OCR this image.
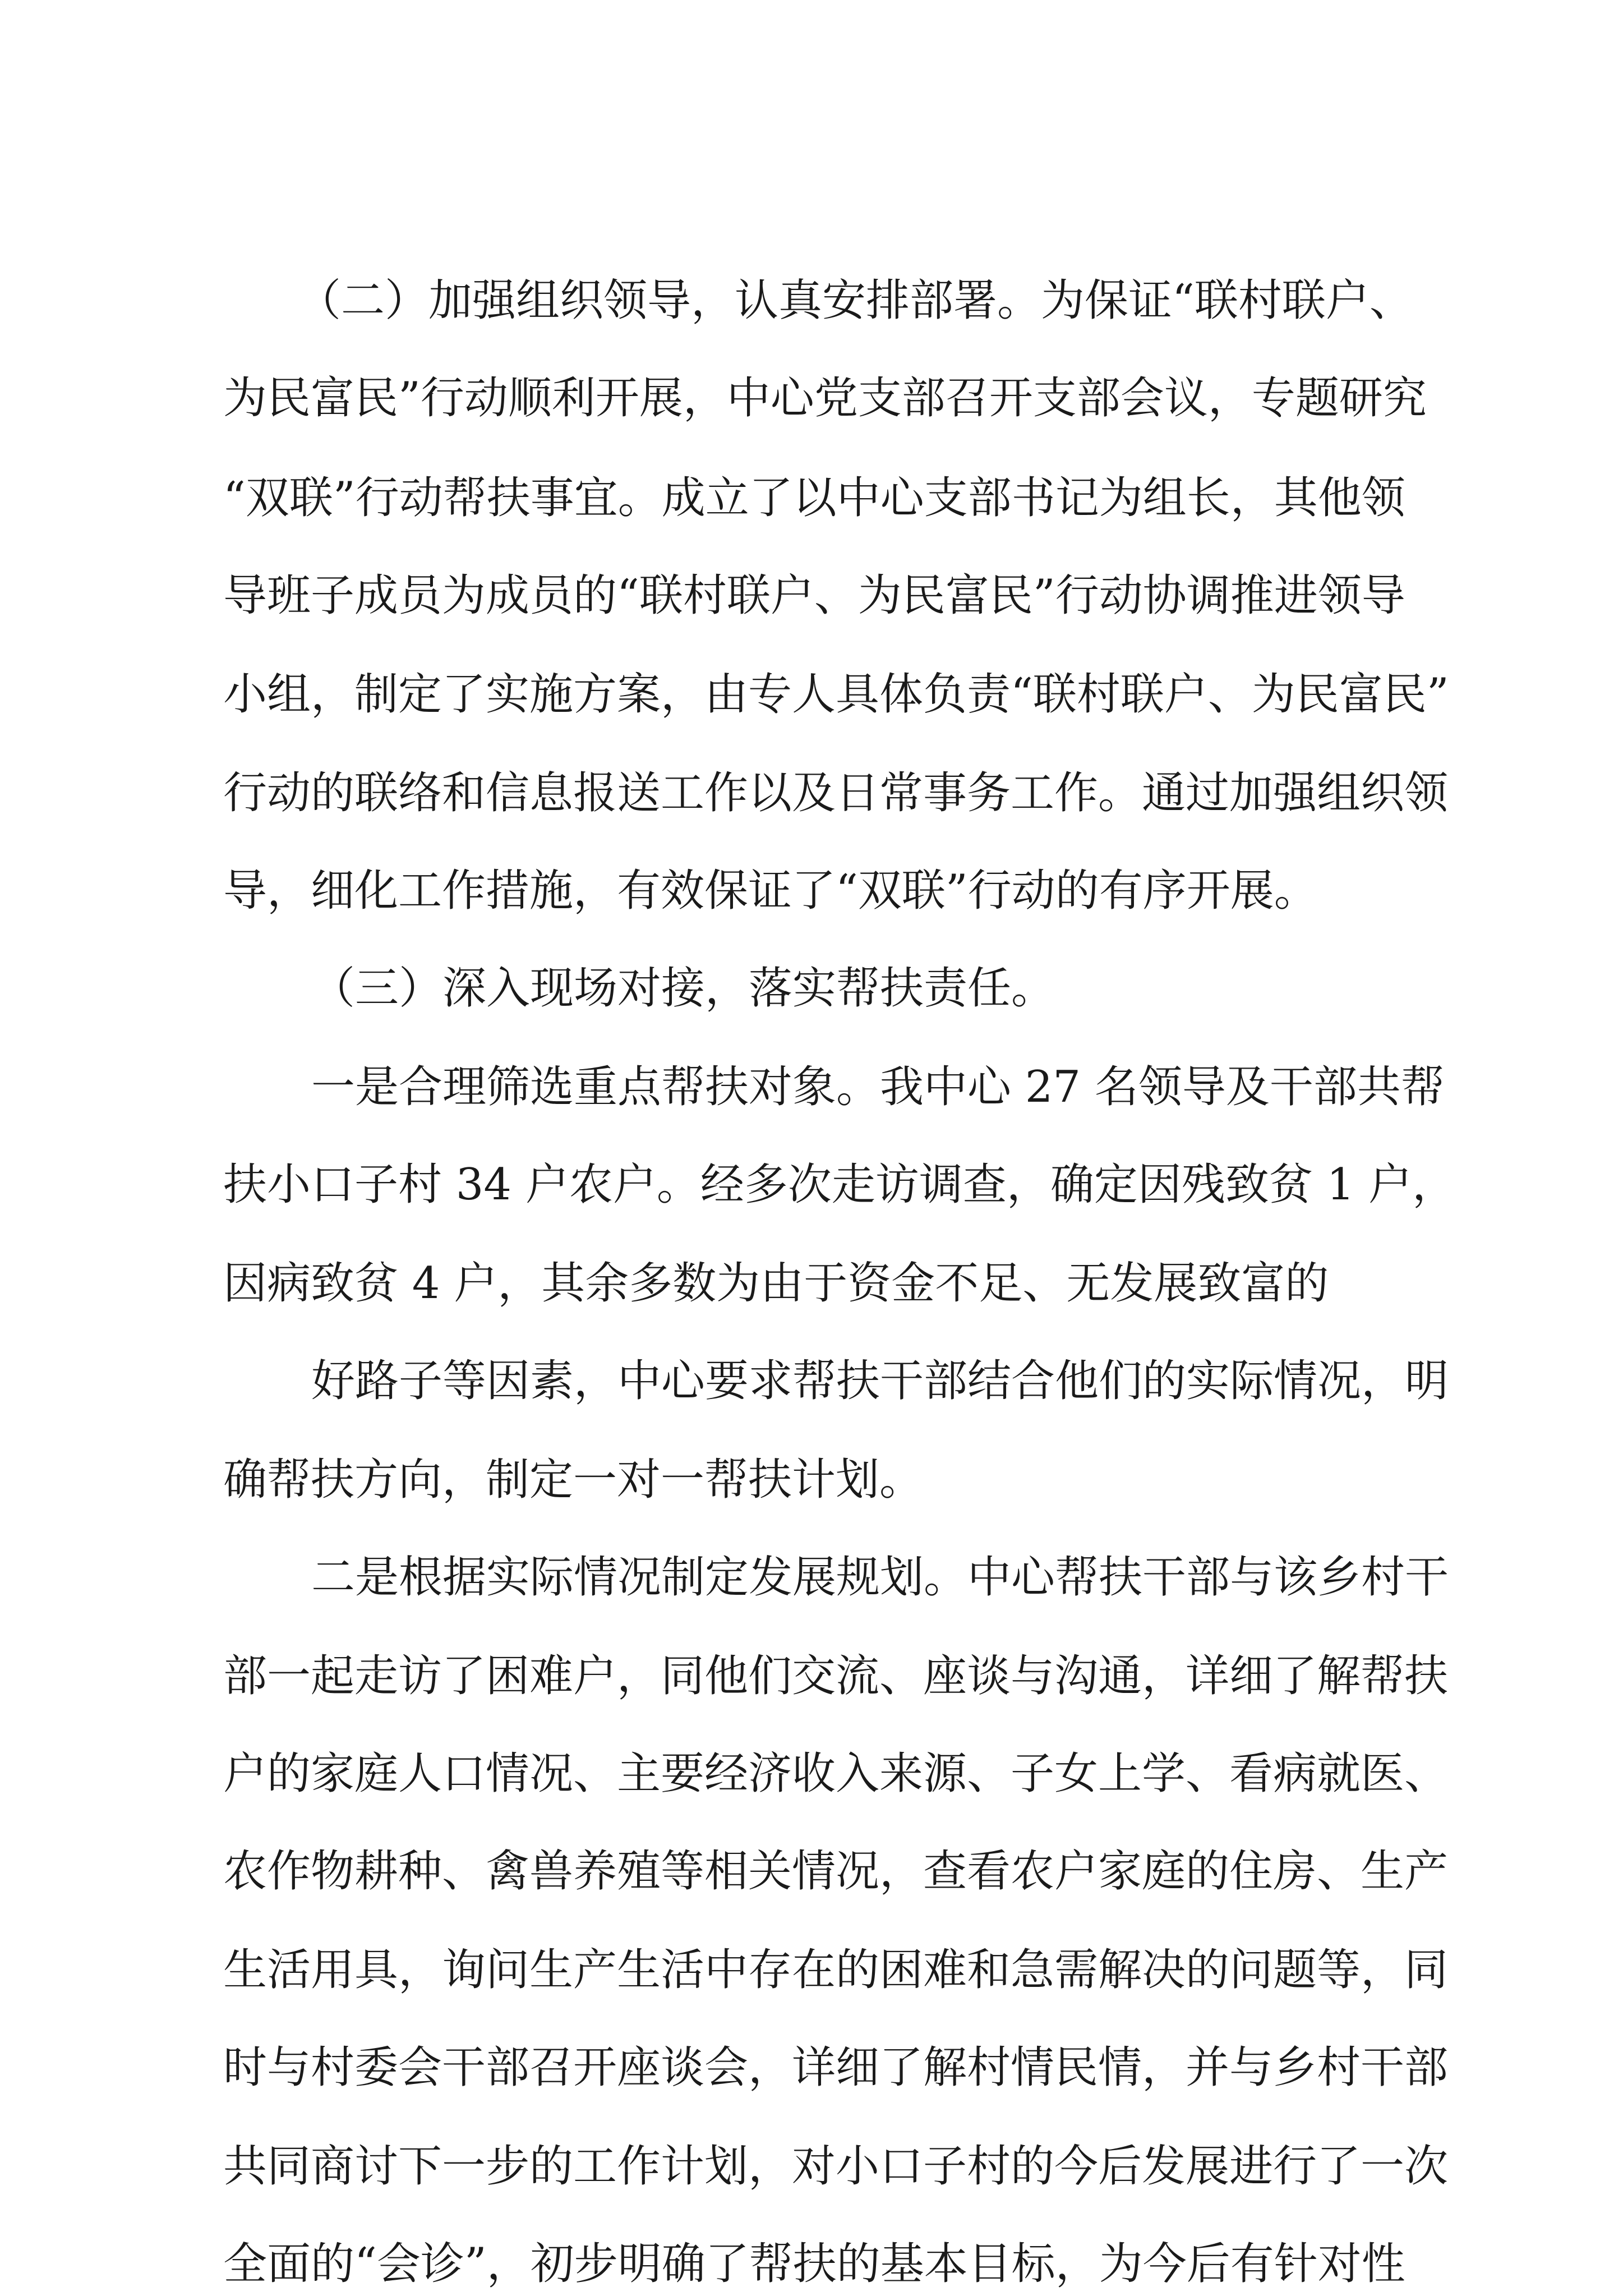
（二）加强组织领导，认真安排部署。为保证“联村联户、
为民富民”行动顺利开展，中心党支部召开支部会议，专题研究
“双联”行动帮扶事宜。成立了以中心支部书记为组长，其他领
导班子成员为成员的“联村联户、为民富民”行动协调推进领导
小组，制定了实施方案，由专人具体负责“联村联户、为民富民”
行动的联络和信息报送工作以及日常事务工作。通过加强组织领
导，细化工作措施，有效保证了“双联”行动的有序开展。
（三）深入现场对接，落实帮扶责任。
一是合理筛选重点帮扶对象。我中心 27 名领导及干部共帮
扶小口子村 34 户农户。经多次走访调查，确定因残致贫 1 户，
因病致贫 4 户，其余多数为由于资金不足、无发展致富的
好路子等因素，中心要求帮扶干部结合他们的实际情况，明
确帮扶方向，制定一对一帮扶计划。
二是根据实际情况制定发展规划。中心帮扶干部与该乡村干
部一起走访了困难户，同他们交流、座谈与沟通，详细了解帮扶
户的家庭人口情况、主要经济收入来源、子女上学、看病就医、
农作物耕种、禽兽养殖等相关情况，查看农户家庭的住房、生产
生活用具，询问生产生活中存在的困难和急需解决的问题等，同
时与村委会干部召开座谈会，详细了解村情民情，并与乡村干部
共同商讨下一步的工作计划，对小口子村的今后发展进行了一次
全面的“会诊”，初步明确了帮扶的基本目标，为今后有针对性
